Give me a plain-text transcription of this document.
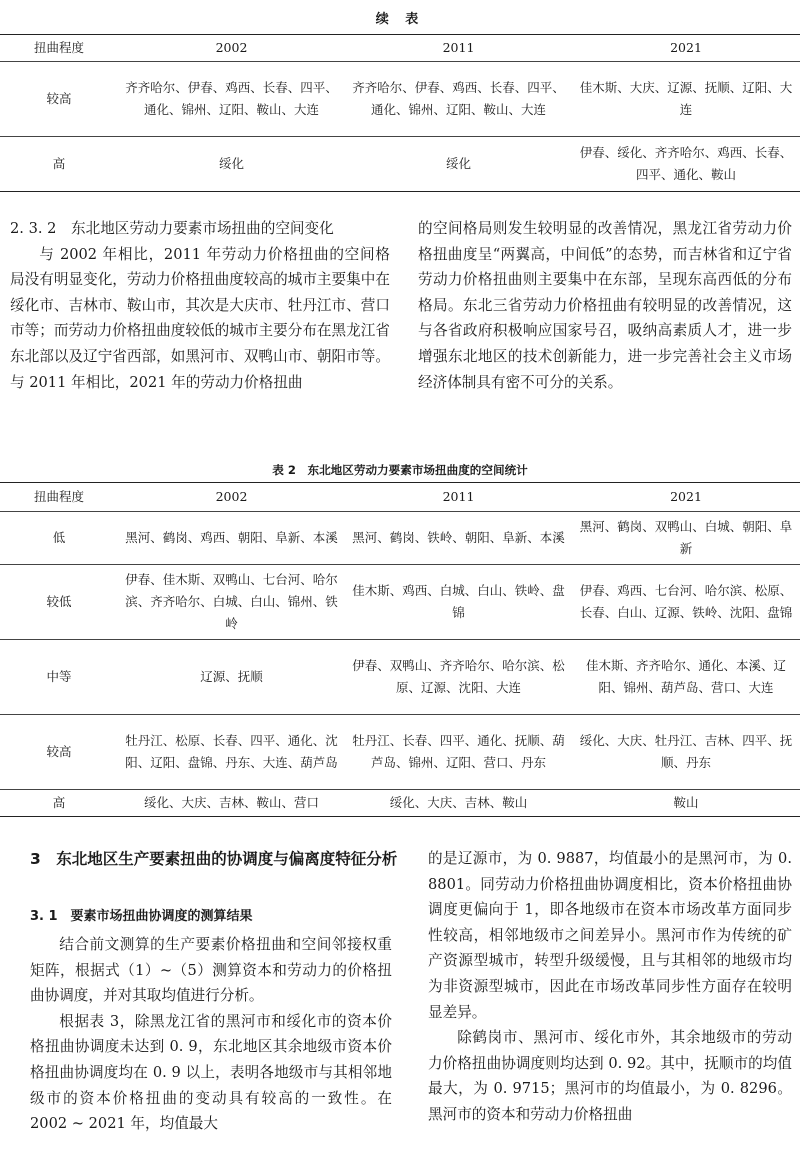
续 表
扭曲程度	2002	2011	2021
较高	齐齐哈尔、伊春、鸡西、长春、四平、通化、锦州、辽阳、鞍山、大连	齐齐哈尔、伊春、鸡西、长春、四平、通化、锦州、辽阳、鞍山、大连	佳木斯、大庆、辽源、抚顺、辽阳、大连
高	绥化	绥化	伊春、绥化、齐齐哈尔、鸡西、长春、四平、通化、鞍山

2. 3. 2　东北地区劳动力要素市场扭曲的空间变化

与 2002 年相比，2011 年劳动力价格扭曲的空间格局没有明显变化，劳动力价格扭曲度较高的城市主要集中在绥化市、吉林市、鞍山市，其次是大庆市、牡丹江市、营口市等；而劳动力价格扭曲度较低的城市主要分布在黑龙江省东北部以及辽宁省西部，如黑河市、双鸭山市、朝阳市等。与 2011 年相比，2021 年的劳动力价格扭曲

的空间格局则发生较明显的改善情况，黑龙江省劳动力价格扭曲度呈“两翼高，中间低”的态势，而吉林省和辽宁省劳动力价格扭曲则主要集中在东部，呈现东高西低的分布格局。东北三省劳动力价格扭曲有较明显的改善情况，这与各省政府积极响应国家号召，吸纳高素质人才，进一步增强东北地区的技术创新能力，进一步完善社会主义市场经济体制具有密不可分的关系。

表 2　东北地区劳动力要素市场扭曲度的空间统计
扭曲程度	2002	2011	2021
低	黑河、鹤岗、鸡西、朝阳、阜新、本溪	黑河、鹤岗、铁岭、朝阳、阜新、本溪	黑河、鹤岗、双鸭山、白城、朝阳、阜新
较低	伊春、佳木斯、双鸭山、七台河、哈尔滨、齐齐哈尔、白城、白山、锦州、铁岭	佳木斯、鸡西、白城、白山、铁岭、盘锦	伊春、鸡西、七台河、哈尔滨、松原、长春、白山、辽源、铁岭、沈阳、盘锦
中等	辽源、抚顺	伊春、双鸭山、齐齐哈尔、哈尔滨、松原、辽源、沈阳、大连	佳木斯、齐齐哈尔、通化、本溪、辽阳、锦州、葫芦岛、营口、大连
较高	牡丹江、松原、长春、四平、通化、沈阳、辽阳、盘锦、丹东、大连、葫芦岛	牡丹江、长春、四平、通化、抚顺、葫芦岛、锦州、辽阳、营口、丹东	绥化、大庆、牡丹江、吉林、四平、抚顺、丹东
高	绥化、大庆、吉林、鞍山、营口	绥化、大庆、吉林、鞍山	鞍山
3　东北地区生产要素扭曲的协调度与偏离度特征分析
3. 1　要素市场扭曲协调度的测算结果

结合前文测算的生产要素价格扭曲和空间邻接权重矩阵，根据式（1）~（5）测算资本和劳动力的价格扭曲协调度，并对其取均值进行分析。

根据表 3，除黑龙江省的黑河市和绥化市的资本价格扭曲协调度未达到 0. 9，东北地区其余地级市资本价格扭曲协调度均在 0. 9 以上，表明各地级市与其相邻地级市的资本价格扭曲的变动具有较高的一致性。在 2002 ~ 2021 年，均值最大

的是辽源市，为 0. 9887，均值最小的是黑河市，为 0. 8801。同劳动力价格扭曲协调度相比，资本价格扭曲协调度更偏向于 1，即各地级市在资本市场改革方面同步性较高，相邻地级市之间差异小。黑河市作为传统的矿产资源型城市，转型升级缓慢，且与其相邻的地级市均为非资源型城市，因此在市场改革同步性方面存在较明显差异。

除鹤岗市、黑河市、绥化市外，其余地级市的劳动力价格扭曲协调度则均达到 0. 92。其中，抚顺市的均值最大，为 0. 9715；黑河市的均值最小，为 0. 8296。黑河市的资本和劳动力价格扭曲
